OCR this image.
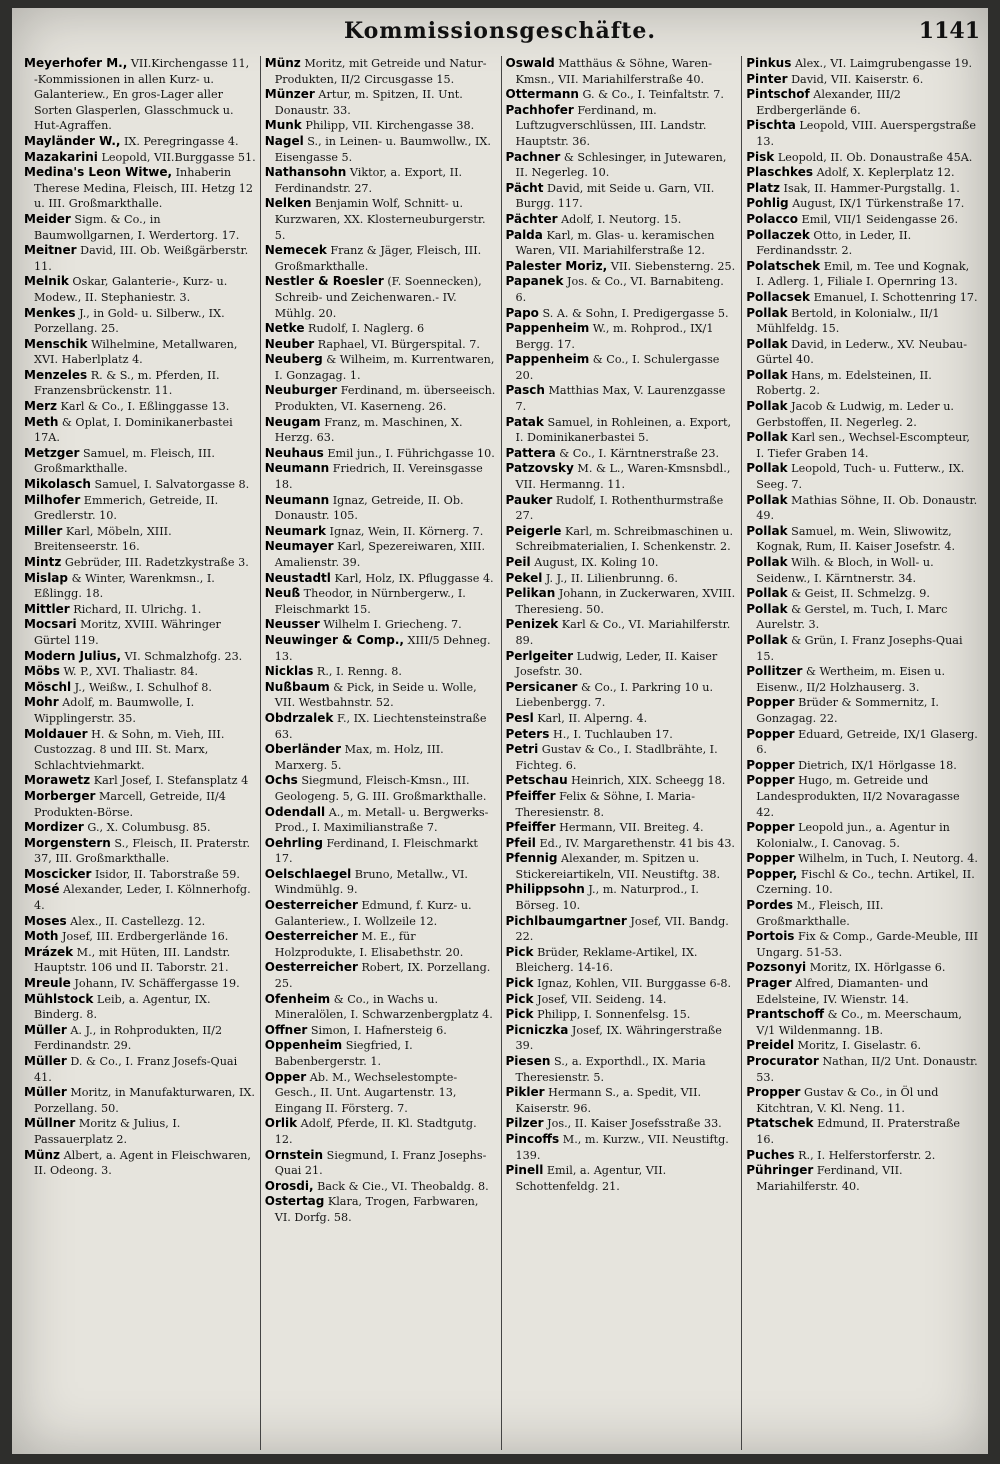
Kommissionsgeschäfte.	1141

Meyerhofer M., VII.Kirchengasse 11, -Kommissionen in allen Kurz- u. Galanteriew., En gros-Lager aller Sorten Glasperlen, Glasschmuck u. Hut-Agraffen.

Mayländer W., IX. Peregringasse 4.

Mazakarini Leopold, VII.Burggasse 51.

Medina's Leon Witwe, Inhaberin Therese Medina, Fleisch, III. Hetzg 12 u. III. Großmarkthalle.

Meider Sigm. & Co., in Baumwollgarnen, I. Werdertorg. 17.

Meitner David, III. Ob. Weißgärberstr. 11.

Melnik Oskar, Galanterie-, Kurz- u. Modew., II. Stephaniestr. 3.

Menkes J., in Gold- u. Silberw., IX. Porzellang. 25.

Menschik Wilhelmine, Metallwaren, XVI. Haberlplatz 4.

Menzeles R. & S., m. Pferden, II. Franzensbrückenstr. 11.

Merz Karl & Co., I. Eßlinggasse 13.

Meth & Oplat, I. Dominikanerbastei 17A.

Metzger Samuel, m. Fleisch, III. Großmarkthalle.

Mikolasch Samuel, I. Salvatorgasse 8.

Milhofer Emmerich, Getreide, II. Gredlerstr. 10.

Miller Karl, Möbeln, XIII. Breitenseerstr. 16.

Mintz Gebrüder, III. Radetzkystraße 3.

Mislap & Winter, Warenkmsn., I. Eßlingg. 18.

Mittler Richard, II. Ulrichg. 1.

Mocsari Moritz, XVIII. Währinger Gürtel 119.

Modern Julius, VI. Schmalzhofg. 23.

Möbs W. P., XVI. Thaliastr. 84.

Möschl J., Weißw., I. Schulhof 8.

Mohr Adolf, m. Baumwolle, I. Wipplingerstr. 35.

Moldauer H. & Sohn, m. Vieh, III. Custozzag. 8 und III. St. Marx, Schlachtviehmarkt.

Morawetz Karl Josef, I. Stefansplatz 4

Morberger Marcell, Getreide, II/4 Produkten-Börse.

Mordizer G., X. Columbusg. 85.

Morgenstern S., Fleisch, II. Praterstr. 37, III. Großmarkthalle.

Moscicker Isidor, II. Taborstraße 59.

Mosé Alexander, Leder, I. Kölnnerhofg. 4.

Moses Alex., II. Castellezg. 12.

Moth Josef, III. Erdbergerlände 16.

Mrázek M., mit Hüten, III. Landstr. Hauptstr. 106 und II. Taborstr. 21.

Mreule Johann, IV. Schäffergasse 19.

Mühlstock Leib, a. Agentur, IX. Binderg. 8.

Müller A. J., in Rohprodukten, II/2 Ferdinandstr. 29.

Müller D. & Co., I. Franz Josefs-Quai 41.

Müller Moritz, in Manufakturwaren, IX. Porzellang. 50.

Müllner Moritz & Julius, I. Passauerplatz 2.

Münz Albert, a. Agent in Fleischwaren, II. Odeong. 3.

Münz Moritz, mit Getreide und Natur-Produkten, II/2 Circusgasse 15.

Münzer Artur, m. Spitzen, II. Unt. Donaustr. 33.

Munk Philipp, VII. Kirchengasse 38.

Nagel S., in Leinen- u. Baumwollw., IX. Eisengasse 5.

Nathansohn Viktor, a. Export, II. Ferdinandstr. 27.

Nelken Benjamin Wolf, Schnitt- u. Kurzwaren, XX. Klosterneuburgerstr. 5.

Nemecek Franz & Jäger, Fleisch, III. Großmarkthalle.

Nestler & Roesler (F. Soennecken), Schreib- und Zeichenwaren.- IV. Mühlg. 20.

Netke Rudolf, I. Naglerg. 6

Neuber Raphael, VI. Bürgerspital. 7.

Neuberg & Wilheim, m. Kurrentwaren, I. Gonzagag. 1.

Neuburger Ferdinand, m. überseeisch. Produkten, VI. Kaserneng. 26.

Neugam Franz, m. Maschinen, X. Herzg. 63.

Neuhaus Emil jun., I. Führichgasse 10.

Neumann Friedrich, II. Vereinsgasse 18.

Neumann Ignaz, Getreide, II. Ob. Donaustr. 105.

Neumark Ignaz, Wein, II. Körnerg. 7.

Neumayer Karl, Spezereiwaren, XIII. Amalienstr. 39.

Neustadtl Karl, Holz, IX. Pfluggasse 4.

Neuß Theodor, in Nürnbergerw., I. Fleischmarkt 15.

Neusser Wilhelm I. Griecheng. 7.

Neuwinger & Comp., XIII/5 Dehneg. 13.

Nicklas R., I. Renng. 8.

Nußbaum & Pick, in Seide u. Wolle, VII. Westbahnstr. 52.

Obdrzalek F., IX. Liechtensteinstraße 63.

Oberländer Max, m. Holz, III. Marxerg. 5.

Ochs Siegmund, Fleisch-Kmsn., III. Geologeng. 5, G. III. Großmarkthalle.

Odendall A., m. Metall- u. Bergwerks-Prod., I. Maximilianstraße 7.

Oehrling Ferdinand, I. Fleischmarkt 17.

Oelschlaegel Bruno, Metallw., VI. Windmühlg. 9.

Oesterreicher Edmund, f. Kurz- u. Galanteriew., I. Wollzeile 12.

Oesterreicher M. E., für Holzprodukte, I. Elisabethstr. 20.

Oesterreicher Robert, IX. Porzellang. 25.

Ofenheim & Co., in Wachs u. Mineralölen, I. Schwarzenbergplatz 4.

Offner Simon, I. Hafnersteig 6.

Oppenheim Siegfried, I. Babenbergerstr. 1.

Opper Ab. M., Wechselestompte-Gesch., II. Unt. Augartenstr. 13, Eingang II. Försterg. 7.

Orlik Adolf, Pferde, II. Kl. Stadtgutg. 12.

Ornstein Siegmund, I. Franz Josephs-Quai 21.

Orosdi, Back & Cie., VI. Theobaldg. 8.

Ostertag Klara, Trogen, Farbwaren, VI. Dorfg. 58.

Oswald Matthäus & Söhne, Waren-Kmsn., VII. Mariahilferstraße 40.

Ottermann G. & Co., I. Teinfaltstr. 7.

Pachhofer Ferdinand, m. Luftzugverschlüssen, III. Landstr. Hauptstr. 36.

Pachner & Schlesinger, in Jutewaren, II. Negerleg. 10.

Pächt David, mit Seide u. Garn, VII. Burgg. 117.

Pächter Adolf, I. Neutorg. 15.

Palda Karl, m. Glas- u. keramischen Waren, VII. Mariahilferstraße 12.

Palester Moriz, VII. Siebensterng. 25.

Papanek Jos. & Co., VI. Barnabiteng. 6.

Papo S. A. & Sohn, I. Predigergasse 5.

Pappenheim W., m. Rohprod., IX/1 Bergg. 17.

Pappenheim & Co., I. Schulergasse 20.

Pasch Matthias Max, V. Laurenzgasse 7.

Patak Samuel, in Rohleinen, a. Export, I. Dominikanerbastei 5.

Pattera & Co., I. Kärntnerstraße 23.

Patzovsky M. & L., Waren-Kmsnsbdl., VII. Hermanng. 11.

Pauker Rudolf, I. Rothenthurmstraße 27.

Peigerle Karl, m. Schreibmaschinen u. Schreibmaterialien, I. Schenkenstr. 2.

Peil August, IX. Koling 10.

Pekel J. J., II. Lilienbrunng. 6.

Pelikan Johann, in Zuckerwaren, XVIII. Theresieng. 50.

Penizek Karl & Co., VI. Mariahilferstr. 89.

Perlgeiter Ludwig, Leder, II. Kaiser Josefstr. 30.

Persicaner & Co., I. Parkring 10 u. Liebenbergg. 7.

Pesl Karl, II. Alperng. 4.

Peters H., I. Tuchlauben 17.

Petri Gustav & Co., I. Stadlbrähte, I. Fichteg. 6.

Petschau Heinrich, XIX. Scheegg 18.

Pfeiffer Felix & Söhne, I. Maria-Theresienstr. 8.

Pfeiffer Hermann, VII. Breiteg. 4.

Pfeil Ed., IV. Margarethenstr. 41 bis 43.

Pfennig Alexander, m. Spitzen u. Stickereiartikeln, VII. Neustiftg. 38.

Philippsohn J., m. Naturprod., I. Börseg. 10.

Pichlbaumgartner Josef, VII. Bandg. 22.

Pick Brüder, Reklame-Artikel, IX. Bleicherg. 14-16.

Pick Ignaz, Kohlen, VII. Burggasse 6-8.

Pick Josef, VII. Seideng. 14.

Pick Philipp, I. Sonnenfelsg. 15.

Picniczka Josef, IX. Währingerstraße 39.

Piesen S., a. Exporthdl., IX. Maria Theresienstr. 5.

Pikler Hermann S., a. Spedit, VII. Kaiserstr. 96.

Pilzer Jos., II. Kaiser Josefsstraße 33.

Pincoffs M., m. Kurzw., VII. Neustiftg. 139.

Pinell Emil, a. Agentur, VII. Schottenfeldg. 21.

Pinkus Alex., VI. Laimgrubengasse 19.

Pinter David, VII. Kaiserstr. 6.

Pintschof Alexander, III/2 Erdbergerlände 6.

Pischta Leopold, VIII. Auerspergstraße 13.

Pisk Leopold, II. Ob. Donaustraße 45A.

Plaschkes Adolf, X. Keplerplatz 12.

Platz Isak, II. Hammer-Purgstallg. 1.

Pohlig August, IX/1 Türkenstraße 17.

Polacco Emil, VII/1 Seidengasse 26.

Pollaczek Otto, in Leder, II. Ferdinandsstr. 2.

Polatschek Emil, m. Tee und Kognak, I. Adlerg. 1, Filiale I. Opernring 13.

Pollacsek Emanuel, I. Schottenring 17.

Pollak Bertold, in Kolonialw., II/1 Mühlfeldg. 15.

Pollak David, in Lederw., XV. Neubau-Gürtel 40.

Pollak Hans, m. Edelsteinen, II. Robertg. 2.

Pollak Jacob & Ludwig, m. Leder u. Gerbstoffen, II. Negerleg. 2.

Pollak Karl sen., Wechsel-Escompteur, I. Tiefer Graben 14.

Pollak Leopold, Tuch- u. Futterw., IX. Seeg. 7.

Pollak Mathias Söhne, II. Ob. Donaustr. 49.

Pollak Samuel, m. Wein, Sliwowitz, Kognak, Rum, II. Kaiser Josefstr. 4.

Pollak Wilh. & Bloch, in Woll- u. Seidenw., I. Kärntnerstr. 34.

Pollak & Geist, II. Schmelzg. 9.

Pollak & Gerstel, m. Tuch, I. Marc Aurelstr. 3.

Pollak & Grün, I. Franz Josephs-Quai 15.

Pollitzer & Wertheim, m. Eisen u. Eisenw., II/2 Holzhauserg. 3.

Popper Brüder & Sommernitz, I. Gonzagag. 22.

Popper Eduard, Getreide, IX/1 Glaserg. 6.

Popper Dietrich, IX/1 Hörlgasse 18.

Popper Hugo, m. Getreide und Landesprodukten, II/2 Novaragasse 42.

Popper Leopold jun., a. Agentur in Kolonialw., I. Canovag. 5.

Popper Wilhelm, in Tuch, I. Neutorg. 4.

Popper, Fischl & Co., techn. Artikel, II. Czerning. 10.

Pordes M., Fleisch, III. Großmarkthalle.

Portois Fix & Comp., Garde-Meuble, III Ungarg. 51-53.

Pozsonyi Moritz, IX. Hörlgasse 6.

Prager Alfred, Diamanten- und Edelsteine, IV. Wienstr. 14.

Prantschoff & Co., m. Meerschaum, V/1 Wildenmanng. 1B.

Preidel Moritz, I. Giselastr. 6.

Procurator Nathan, II/2 Unt. Donaustr. 53.

Propper Gustav & Co., in Öl und Kitchtran, V. Kl. Neng. 11.

Ptatschek Edmund, II. Praterstraße 16.

Puches R., I. Helferstorferstr. 2.

Pühringer Ferdinand, VII. Mariahilferstr. 40.
